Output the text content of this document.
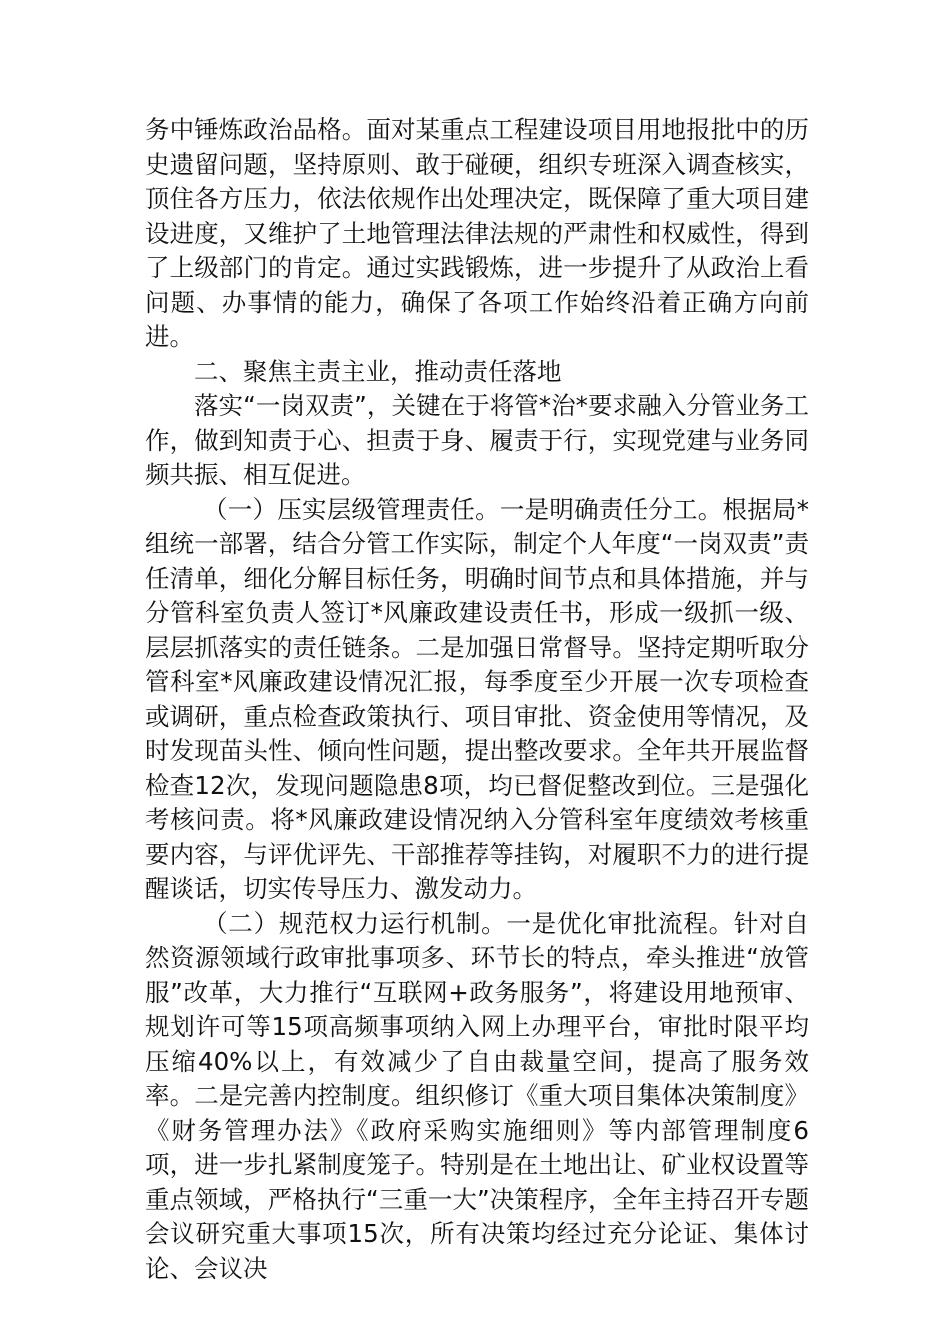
务中锤炼政治品格。面对某重点工程建设项目用地报批中的历史遗留问题，坚持原则、敢于碰硬，组织专班深入调查核实，顶住各方压力，依法依规作出处理决定，既保障了重大项目建设进度，又维护了土地管理法律法规的严肃性和权威性，得到了上级部门的肯定。通过实践锻炼，进一步提升了从政治上看问题、办事情的能力，确保了各项工作始终沿着正确方向前进。

二、聚焦主责主业，推动责任落地

落实“一岗双责”，关键在于将管*治*要求融入分管业务工作，做到知责于心、担责于身、履责于行，实现党建与业务同频共振、相互促进。

（一）压实层级管理责任。一是明确责任分工。根据局*组统一部署，结合分管工作实际，制定个人年度“一岗双责”责任清单，细化分解目标任务，明确时间节点和具体措施，并与分管科室负责人签订*风廉政建设责任书，形成一级抓一级、层层抓落实的责任链条。二是加强日常督导。坚持定期听取分管科室*风廉政建设情况汇报，每季度至少开展一次专项检查或调研，重点检查政策执行、项目审批、资金使用等情况，及时发现苗头性、倾向性问题，提出整改要求。全年共开展监督检查12次，发现问题隐患8项，均已督促整改到位。三是强化考核问责。将*风廉政建设情况纳入分管科室年度绩效考核重要内容，与评优评先、干部推荐等挂钩，对履职不力的进行提醒谈话，切实传导压力、激发动力。

（二）规范权力运行机制。一是优化审批流程。针对自然资源领域行政审批事项多、环节长的特点，牵头推进“放管服”改革，大力推行“互联网+政务服务”，将建设用地预审、规划许可等15项高频事项纳入网上办理平台，审批时限平均压缩40%以上，有效减少了自由裁量空间，提高了服务效率。二是完善内控制度。组织修订《重大项目集体决策制度》《财务管理办法》《政府采购实施细则》等内部管理制度6项，进一步扎紧制度笼子。特别是在土地出让、矿业权设置等重点领域，严格执行“三重一大”决策程序，全年主持召开专题会议研究重大事项15次，所有决策均经过充分论证、集体讨论、会议决
